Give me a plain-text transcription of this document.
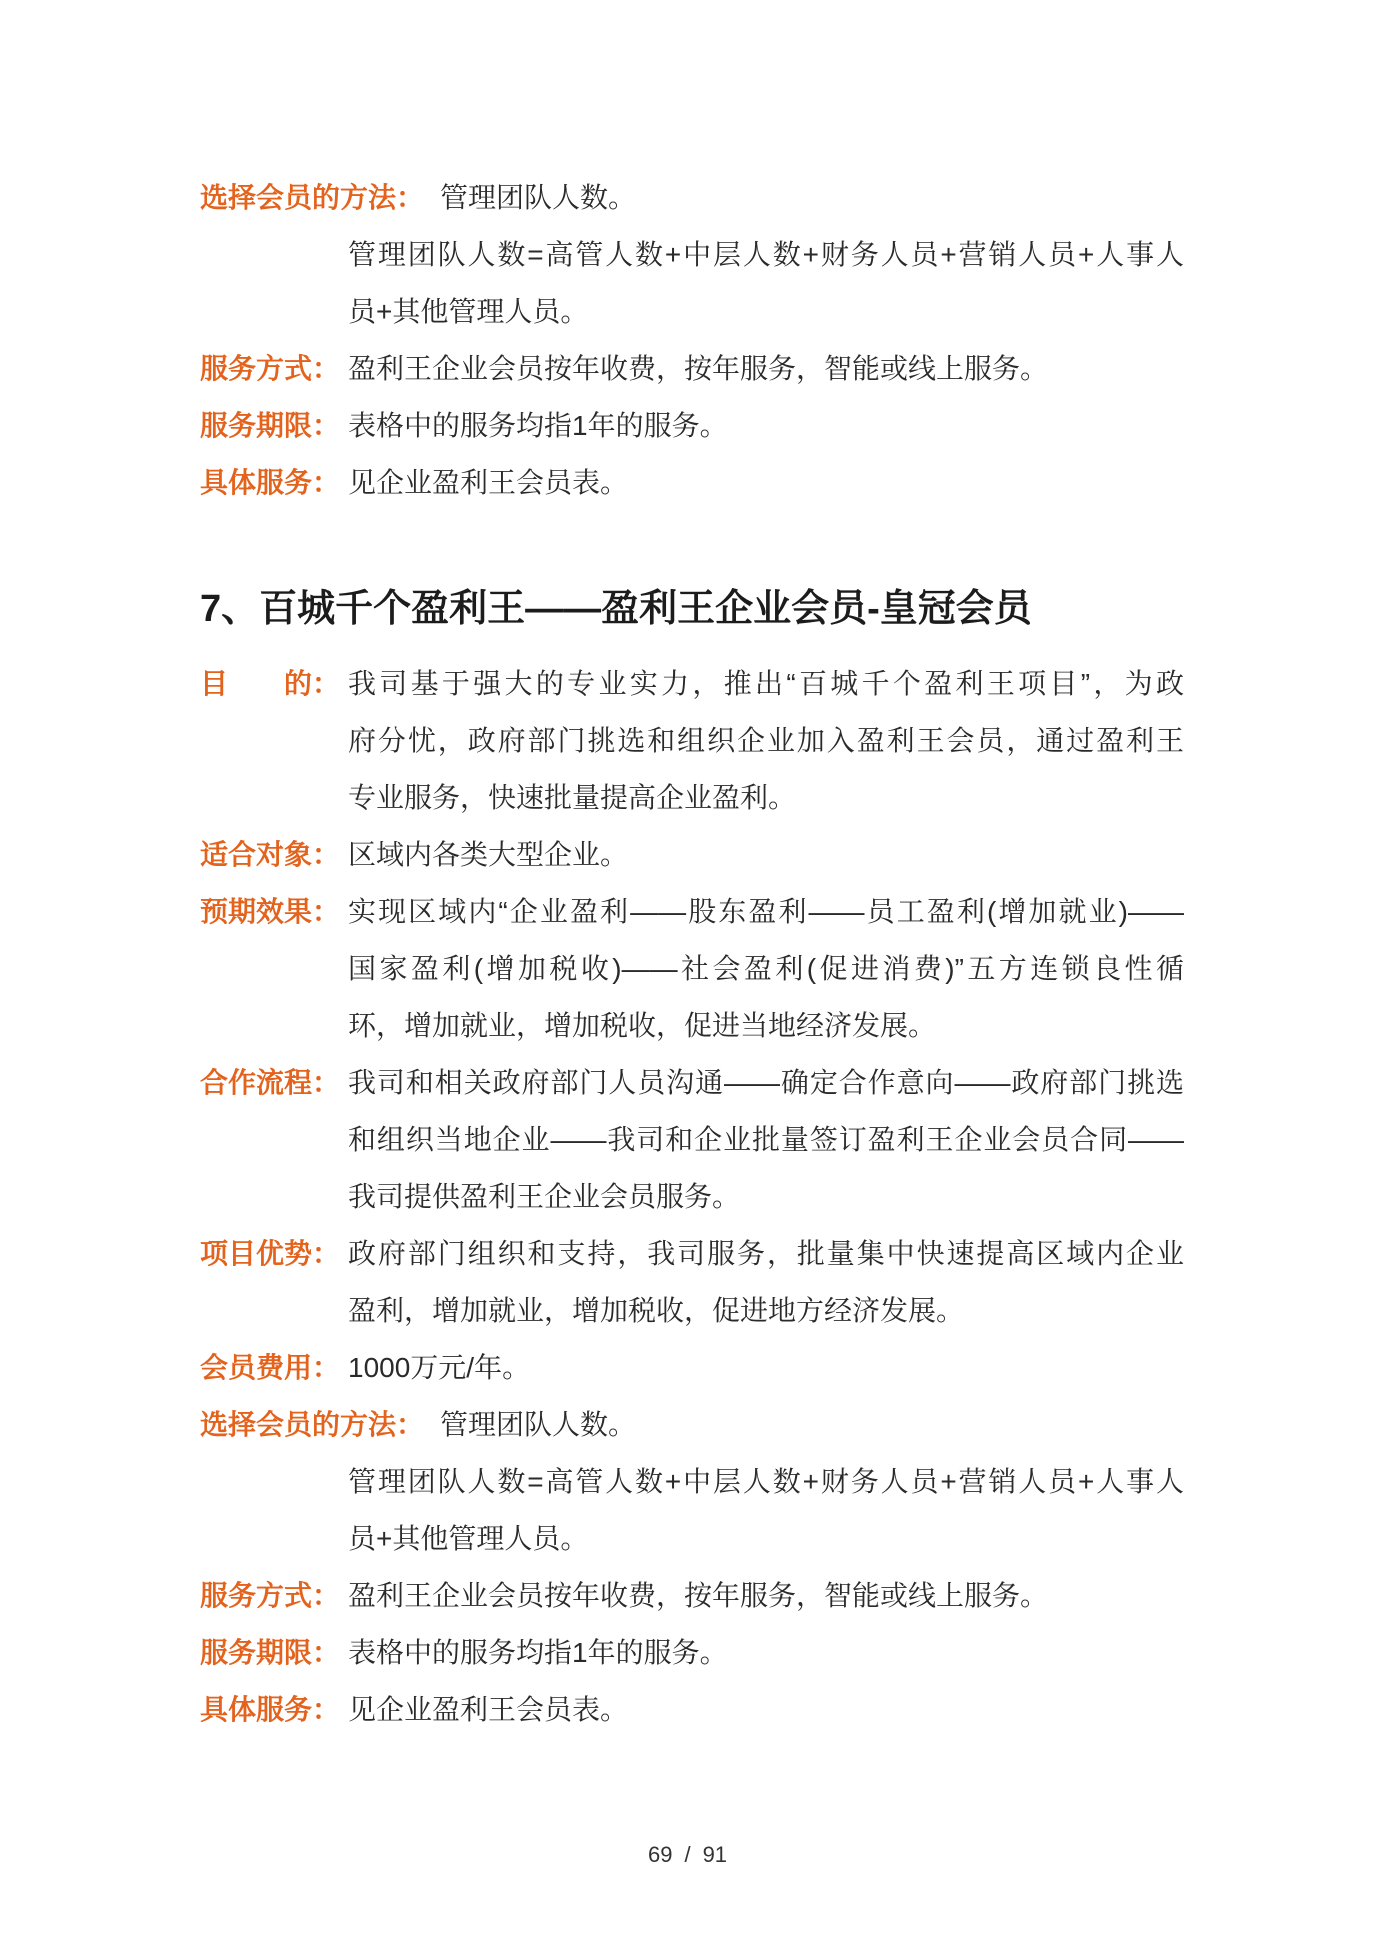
选择会员的方法： 管理团队人数。
管理团队人数=高管人数+中层人数+财务人员+营销人员+人事人
员+其他管理人员。
服务方式： 盈利王企业会员按年收费，按年服务，智能或线上服务。
服务期限： 表格中的服务均指1年的服务。
具体服务： 见企业盈利王会员表。
7、百城千个盈利王——盈利王企业会员-皇冠会员
目　　的： 我司基于强大的专业实力，推出“百城千个盈利王项目”，为政
府分忧，政府部门挑选和组织企业加入盈利王会员，通过盈利王
专业服务，快速批量提高企业盈利。
适合对象： 区域内各类大型企业。
预期效果： 实现区域内“企业盈利——股东盈利——员工盈利(增加就业)——
国家盈利(增加税收)——社会盈利(促进消费)”五方连锁良性循
环，增加就业，增加税收，促进当地经济发展。
合作流程： 我司和相关政府部门人员沟通——确定合作意向——政府部门挑选
和组织当地企业——我司和企业批量签订盈利王企业会员合同——
我司提供盈利王企业会员服务。
项目优势： 政府部门组织和支持，我司服务，批量集中快速提高区域内企业
盈利，增加就业，增加税收，促进地方经济发展。
会员费用： 1000万元/年。
选择会员的方法： 管理团队人数。
管理团队人数=高管人数+中层人数+财务人员+营销人员+人事人
员+其他管理人员。
服务方式： 盈利王企业会员按年收费，按年服务，智能或线上服务。
服务期限： 表格中的服务均指1年的服务。
具体服务： 见企业盈利王会员表。
69 / 91
